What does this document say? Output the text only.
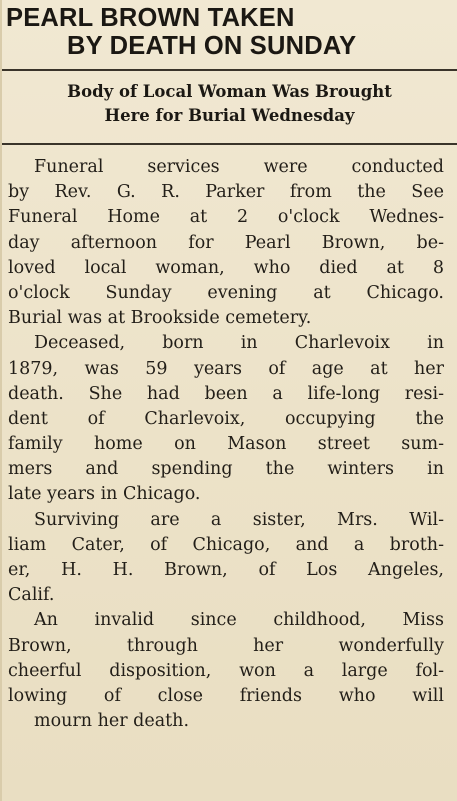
PEARL BROWN TAKEN
BY DEATH ON SUNDAY
Body of Local Woman Was Brought
Here for Burial Wednesday
Funeral services were conducted
by Rev. G. R. Parker from the See
Funeral Home at 2 o'clock Wednes-
day afternoon for Pearl Brown, be-
loved local woman, who died at 8
o'clock Sunday evening at Chicago.
Burial was at Brookside cemetery.
Deceased, born in Charlevoix in
1879, was 59 years of age at her
death. She had been a life-long resi-
dent of Charlevoix, occupying the
family home on Mason street sum-
mers and spending the winters in
late years in Chicago.
Surviving are a sister, Mrs. Wil-
liam Cater, of Chicago, and a broth-
er, H. H. Brown, of Los Angeles,
Calif.
An invalid since childhood, Miss
Brown, through her wonderfully
cheerful disposition, won a large fol-
lowing of close friends who will
mourn her death.
